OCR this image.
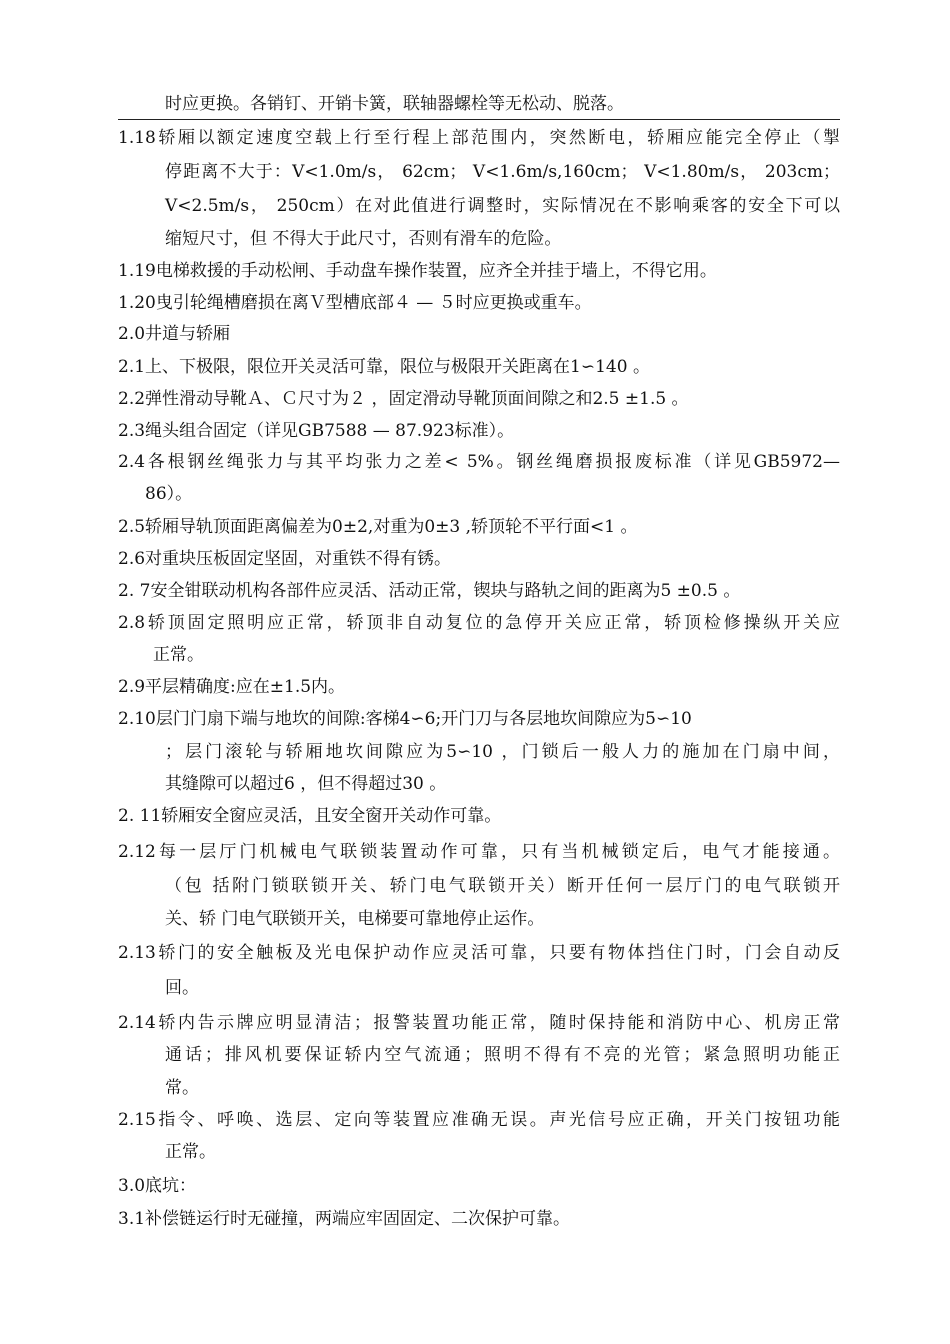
时应更换。各销钉、开销卡簧，联轴器螺栓等无松动、脱落。
1.18轿厢以额定速度空载上行至行程上部范围内，突然断电，轿厢应能完全停止（掣
停距离不大于：V<1.0m/s， 62cm； V<1.6m/s,160cm； V<1.80m/s， 203cm；
V<2.5m/s， 250cm）在对此值进行调整时，实际情况在不影响乘客的安全下可以
缩短尺寸，但 不得大于此尺寸，否则有滑车的危险。
1.19电梯救援的手动松闸、手动盘车操作装置，应齐全并挂于墙上，不得它用。
1.20曳引轮绳槽磨损在离Ｖ型槽底部４ — ５时应更换或重车。
2.0井道与轿厢
2.1上、下极限，限位开关灵活可靠，限位与极限开关距离在1∽140 。
2.2弹性滑动导靴Ａ、Ｃ尺寸为２ ，固定滑动导靴顶面间隙之和2.5 ±1.5 。
2.3绳头组合固定（详见GB7588 — 87.923标准）。
2.4各根钢丝绳张力与其平均张力之差< 5%。钢丝绳磨损报废标准（详见GB5972—
86）。
2.5轿厢导轨顶面距离偏差为0±2,对重为0±3 ,轿顶轮不平行面<1 。
2.6对重块压板固定坚固，对重铁不得有锈。
2. 7安全钳联动机构各部件应灵活、活动正常，锲块与路轨之间的距离为5 ±0.5 。
2.8轿顶固定照明应正常，轿顶非自动复位的急停开关应正常，轿顶检修操纵开关应
正常。
2.9平层精确度:应在±1.5内。
2.10层门门扇下端与地坎的间隙:客梯4∽6;开门刀与各层地坎间隙应为5∽10
；层门滚轮与轿厢地坎间隙应为5∽10 ，门锁后一般人力的施加在门扇中间，
其缝隙可以超过6 ，但不得超过30 。
2. 11轿厢安全窗应灵活，且安全窗开关动作可靠。
2.12每一层厅门机械电气联锁装置动作可靠，只有当机械锁定后，电气才能接通。
（包 括附门锁联锁开关、轿门电气联锁开关）断开任何一层厅门的电气联锁开
关、轿 门电气联锁开关，电梯要可靠地停止运作。
2.13轿门的安全触板及光电保护动作应灵活可靠，只要有物体挡住门时，门会自动反
回。
2.14轿内告示牌应明显清洁；报警装置功能正常，随时保持能和消防中心、机房正常
通话；排风机要保证轿内空气流通；照明不得有不亮的光管；紧急照明功能正
常。
2.15指令、呼唤、选层、定向等装置应准确无误。声光信号应正确，开关门按钮功能
正常。
3.0底坑：
3.1补偿链运行时无碰撞，两端应牢固固定、二次保护可靠。
